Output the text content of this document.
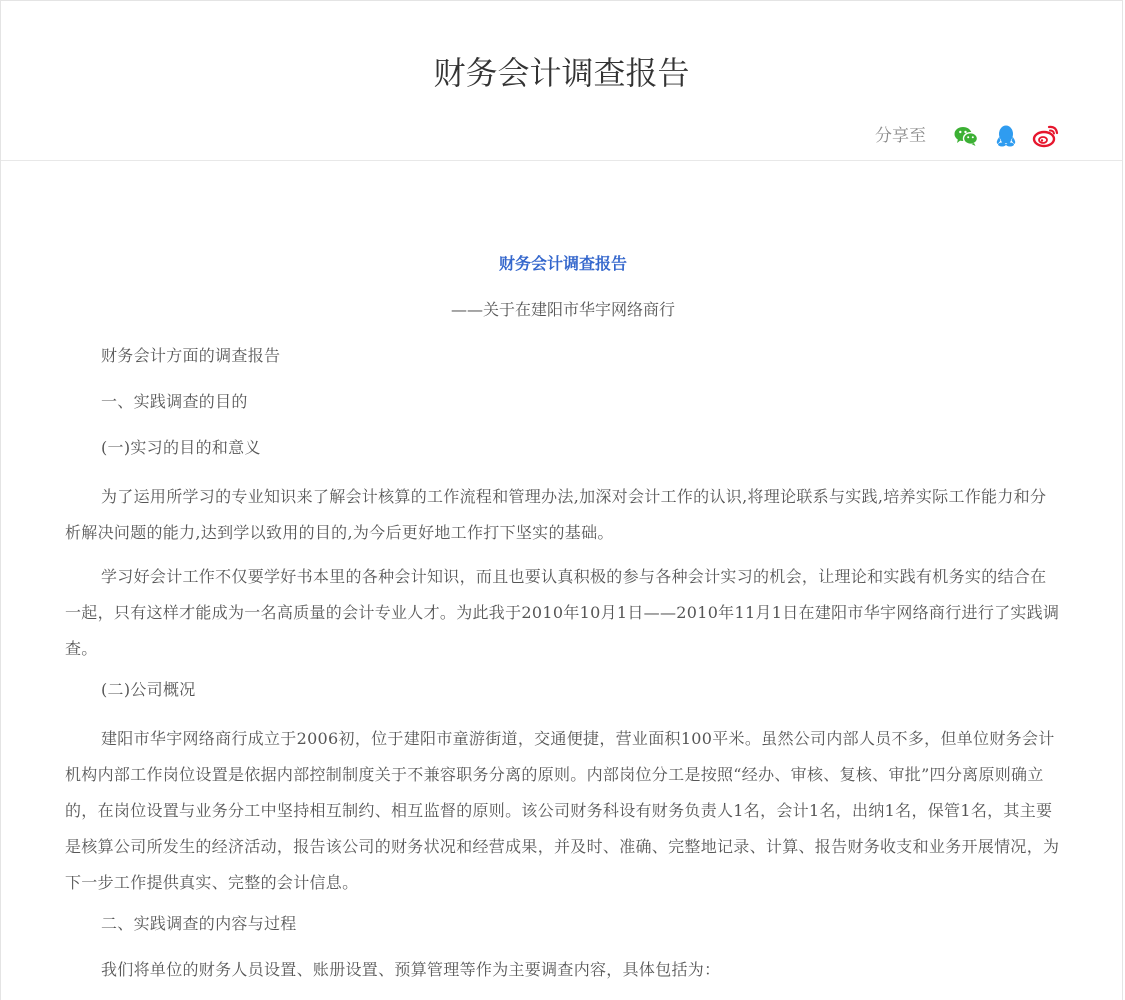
财务会计调查报告
分享至

财务会计调查报告

——关于在建阳市华宇网络商行

财务会计方面的调查报告

一、实践调查的目的

(一)实习的目的和意义

为了运用所学习的专业知识来了解会计核算的工作流程和管理办法,加深对会计工作的认识,将理论联系与实践,培养实际工作能力和分析解决问题的能力,达到学以致用的目的,为今后更好地工作打下坚实的基础。

学习好会计工作不仅要学好书本里的各种会计知识，而且也要认真积极的参与各种会计实习的机会，让理论和实践有机务实的结合在一起，只有这样才能成为一名高质量的会计专业人才。为此我于2010年10月1日——2010年11月1日在建阳市华宇网络商行进行了实践调查。

(二)公司概况

建阳市华宇网络商行成立于2006初，位于建阳市童游街道，交通便捷，营业面积100平米。虽然公司内部人员不多，但单位财务会计机构内部工作岗位设置是依据内部控制制度关于不兼容职务分离的原则。内部岗位分工是按照“经办、审核、复核、审批”四分离原则确立的，在岗位设置与业务分工中坚持相互制约、相互监督的原则。该公司财务科设有财务负责人1名，会计1名，出纳1名，保管1名，其主要是核算公司所发生的经济活动，报告该公司的财务状况和经营成果，并及时、准确、完整地记录、计算、报告财务收支和业务开展情况，为下一步工作提供真实、完整的会计信息。

二、实践调查的内容与过程

我们将单位的财务人员设置、账册设置、预算管理等作为主要调查内容，具体包括为：
